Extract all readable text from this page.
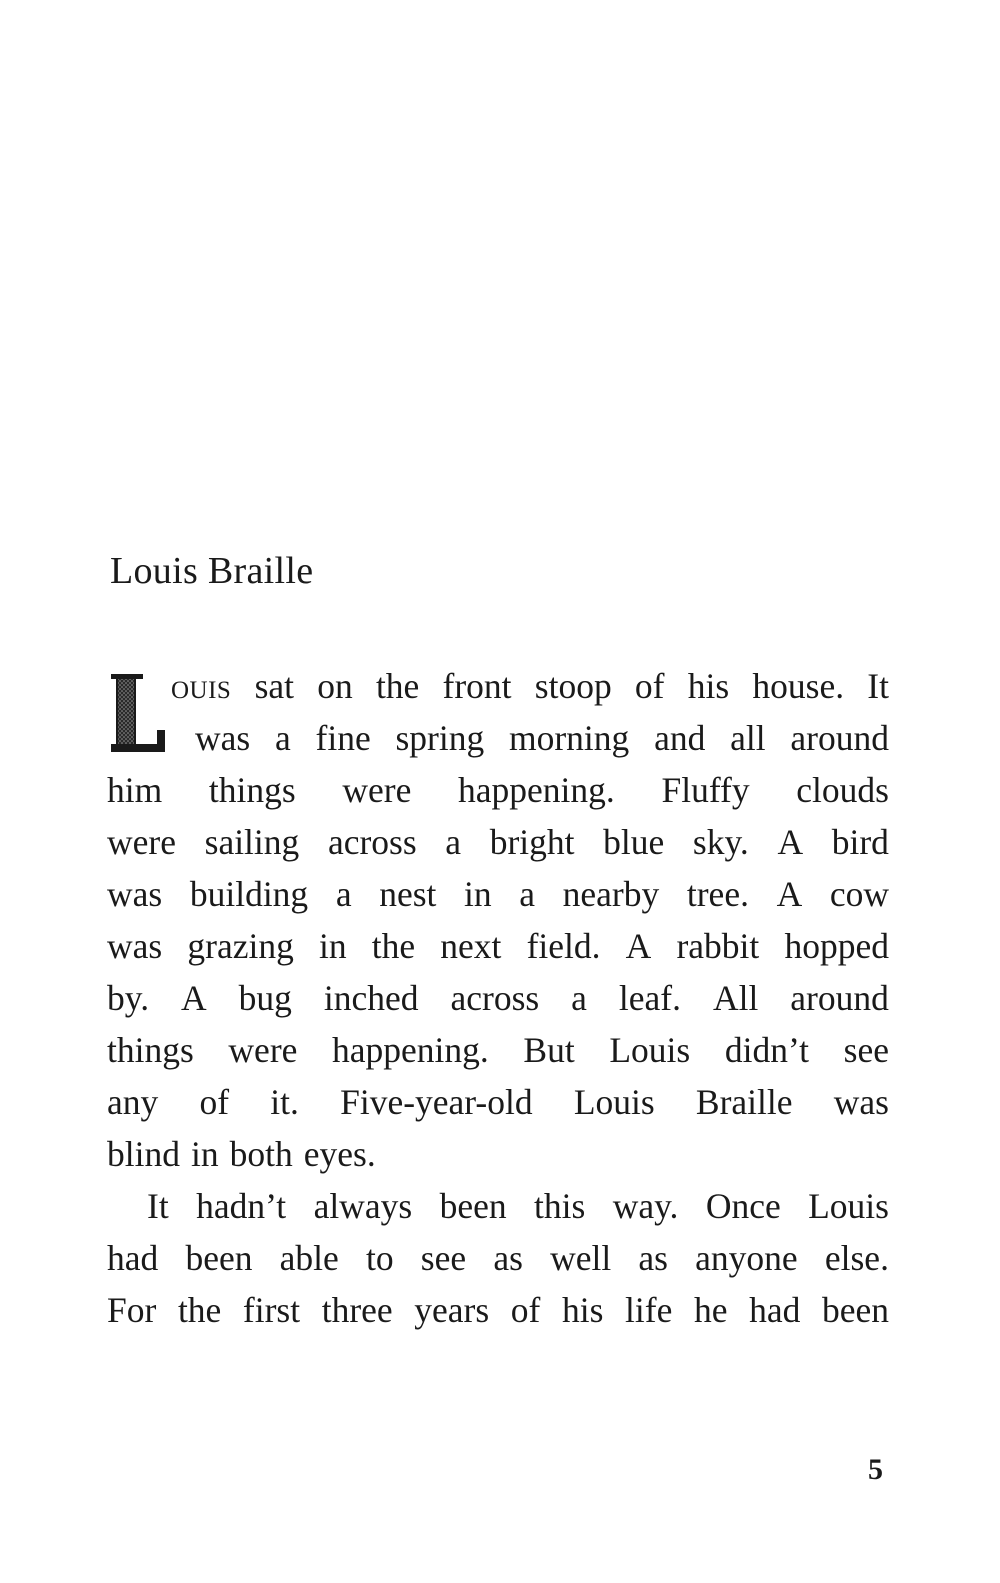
Louis Braille
ouis sat on the front stoop of his house. It
was a fine spring morning and all around
him things were happening. Fluffy clouds
were sailing across a bright blue sky. A bird
was building a nest in a nearby tree. A cow
was grazing in the next field. A rabbit hopped
by. A bug inched across a leaf. All around
things were happening. But Louis didn’t see
any of it. Five-year-old Louis Braille was
blind in both eyes.
It hadn’t always been this way. Once Louis
had been able to see as well as anyone else.
For the first three years of his life he had been

5
